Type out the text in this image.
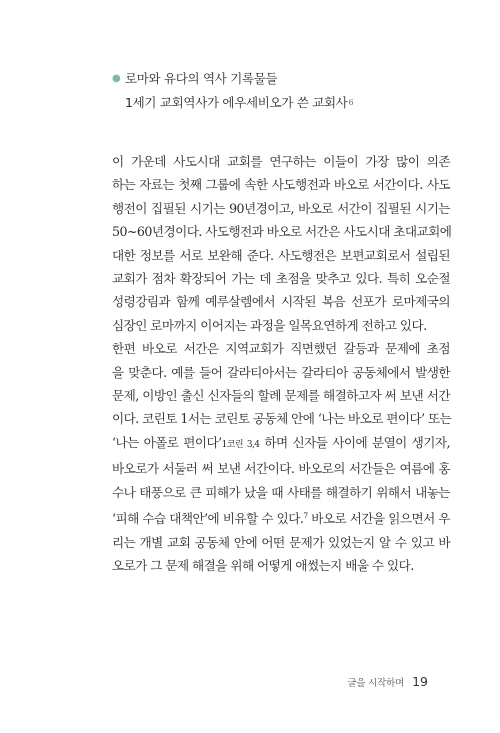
● 로마와 유다의 역사 기록물들
1세기 교회역사가 에우세비오가 쓴 교회사 6

이 가운데 사도시대 교회를 연구하는 이들이 가장 많이 의존
하는 자료는 첫째 그룹에 속한 사도행전과 바오로 서간이다. 사도
행전이 집필된 시기는 90년경이고, 바오로 서간이 집필된 시기는
50~60년경이다. 사도행전과 바오로 서간은 사도시대 초대교회에
대한 정보를 서로 보완해 준다. 사도행전은 보편교회로서 설립된
교회가 점차 확장되어 가는 데 초점을 맞추고 있다. 특히 오순절
성령강림과 함께 예루살렘에서 시작된 복음 선포가 로마제국의
심장인 로마까지 이어지는 과정을 일목요연하게 전하고 있다.

한편 바오로 서간은 지역교회가 직면했던 갈등과 문제에 초점
을 맞춘다. 예를 들어 갈라티아서는 갈라티아 공동체에서 발생한
문제, 이방인 출신 신자들의 할례 문제를 해결하고자 써 보낸 서간
이다. 코린토 1서는 코린토 공동체 안에 ‘나는 바오로 편이다’ 또는
‘나는 아폴로 편이다’1코린 3,4 하며 신자들 사이에 분열이 생기자,
바오로가 서둘러 써 보낸 서간이다. 바오로의 서간들은 여름에 홍
수나 태풍으로 큰 피해가 났을 때 사태를 해결하기 위해서 내놓는
‘피해 수습 대책안’에 비유할 수 있다.$^7$ 바오로 서간을 읽으면서 우
리는 개별 교회 공동체 안에 어떤 문제가 있었는지 알 수 있고 바
오로가 그 문제 해결을 위해 어떻게 애썼는지 배울 수 있다.

글을 시작하며 19
